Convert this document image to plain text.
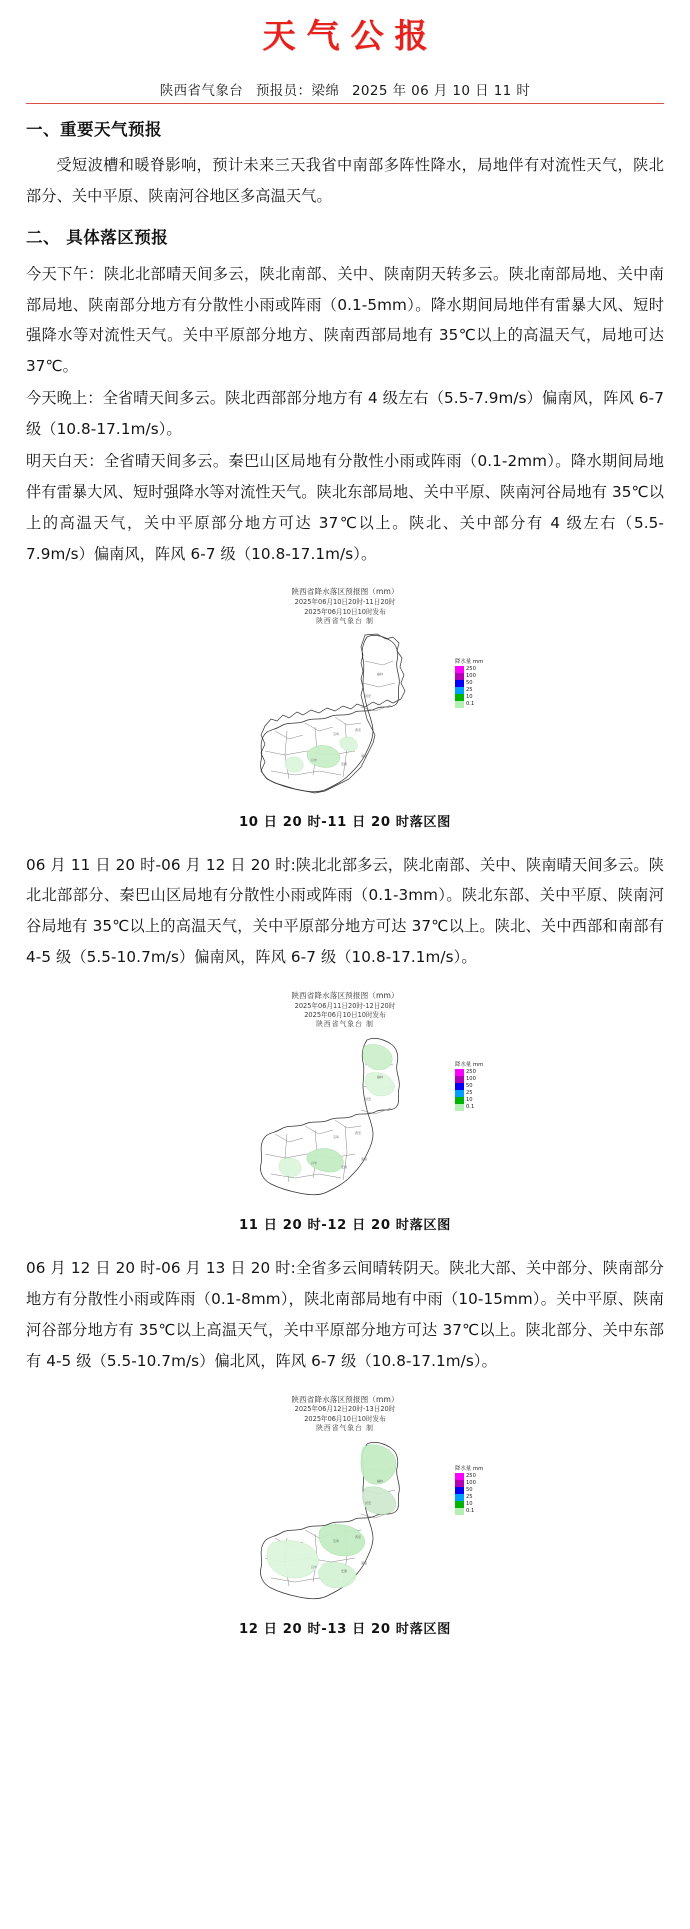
天气公报
陕西省气象台 预报员：梁绵 2025 年 06 月 10 日 11 时
一、重要天气预报

受短波槽和暖脊影响，预计未来三天我省中南部多阵性降水，局地伴有对流性天气，陕北部分、关中平原、陕南河谷地区多高温天气。

二、 具体落区预报

今天下午：陕北北部晴天间多云，陕北南部、关中、陕南阴天转多云。陕北南部局地、关中南部局地、陕南部分地方有分散性小雨或阵雨（0.1-5mm）。降水期间局地伴有雷暴大风、短时强降水等对流性天气。关中平原部分地方、陕南西部局地有 35℃以上的高温天气，局地可达 37℃。

今天晚上：全省晴天间多云。陕北西部部分地方有 4 级左右（5.5-7.9m/s）偏南风，阵风 6-7 级（10.8-17.1m/s）。

明天白天：全省晴天间多云。秦巴山区局地有分散性小雨或阵雨（0.1-2mm）。降水期间局地伴有雷暴大风、短时强降水等对流性天气。陕北东部局地、关中平原、陕南河谷局地有 35℃以上的高温天气，关中平原部分地方可达 37℃以上。陕北、关中部分有 4 级左右（5.5-7.9m/s）偏南风，阵风 6-7 级（10.8-17.1m/s）。

陕西省降水落区预报图（mm）
2025年06月10日20时-11日20时
2025年06月10日10时发布
陕西省气象台 制
榆林
延安
宝鸡
西安
汉中
安康
商洛
降水量 mm
250
100
50
25
10
0.1
10 日 20 时-11 日 20 时落区图

06 月 11 日 20 时-06 月 12 日 20 时:陕北北部多云，陕北南部、关中、陕南晴天间多云。陕北北部部分、秦巴山区局地有分散性小雨或阵雨（0.1-3mm）。陕北东部、关中平原、陕南河谷局地有 35℃以上的高温天气，关中平原部分地方可达 37℃以上。陕北、关中西部和南部有 4-5 级（5.5-10.7m/s）偏南风，阵风 6-7 级（10.8-17.1m/s）。

陕西省降水落区预报图（mm）
2025年06月11日20时-12日20时
2025年06月10日10时发布
陕西省气象台 制
榆林
延安
宝鸡
西安
汉中
安康
商洛
降水量 mm
250
100
50
25
10
0.1
11 日 20 时-12 日 20 时落区图

06 月 12 日 20 时-06 月 13 日 20 时:全省多云间晴转阴天。陕北大部、关中部分、陕南部分地方有分散性小雨或阵雨（0.1-8mm），陕北南部局地有中雨（10-15mm）。关中平原、陕南河谷部分地方有 35℃以上高温天气，关中平原部分地方可达 37℃以上。陕北部分、关中东部有 4-5 级（5.5-10.7m/s）偏北风，阵风 6-7 级（10.8-17.1m/s）。

陕西省降水落区预报图（mm）
2025年06月12日20时-13日20时
2025年06月10日10时发布
陕西省气象台 制
榆林
延安
宝鸡
西安
汉中
安康
商洛
降水量 mm
250
100
50
25
10
0.1
12 日 20 时-13 日 20 时落区图
